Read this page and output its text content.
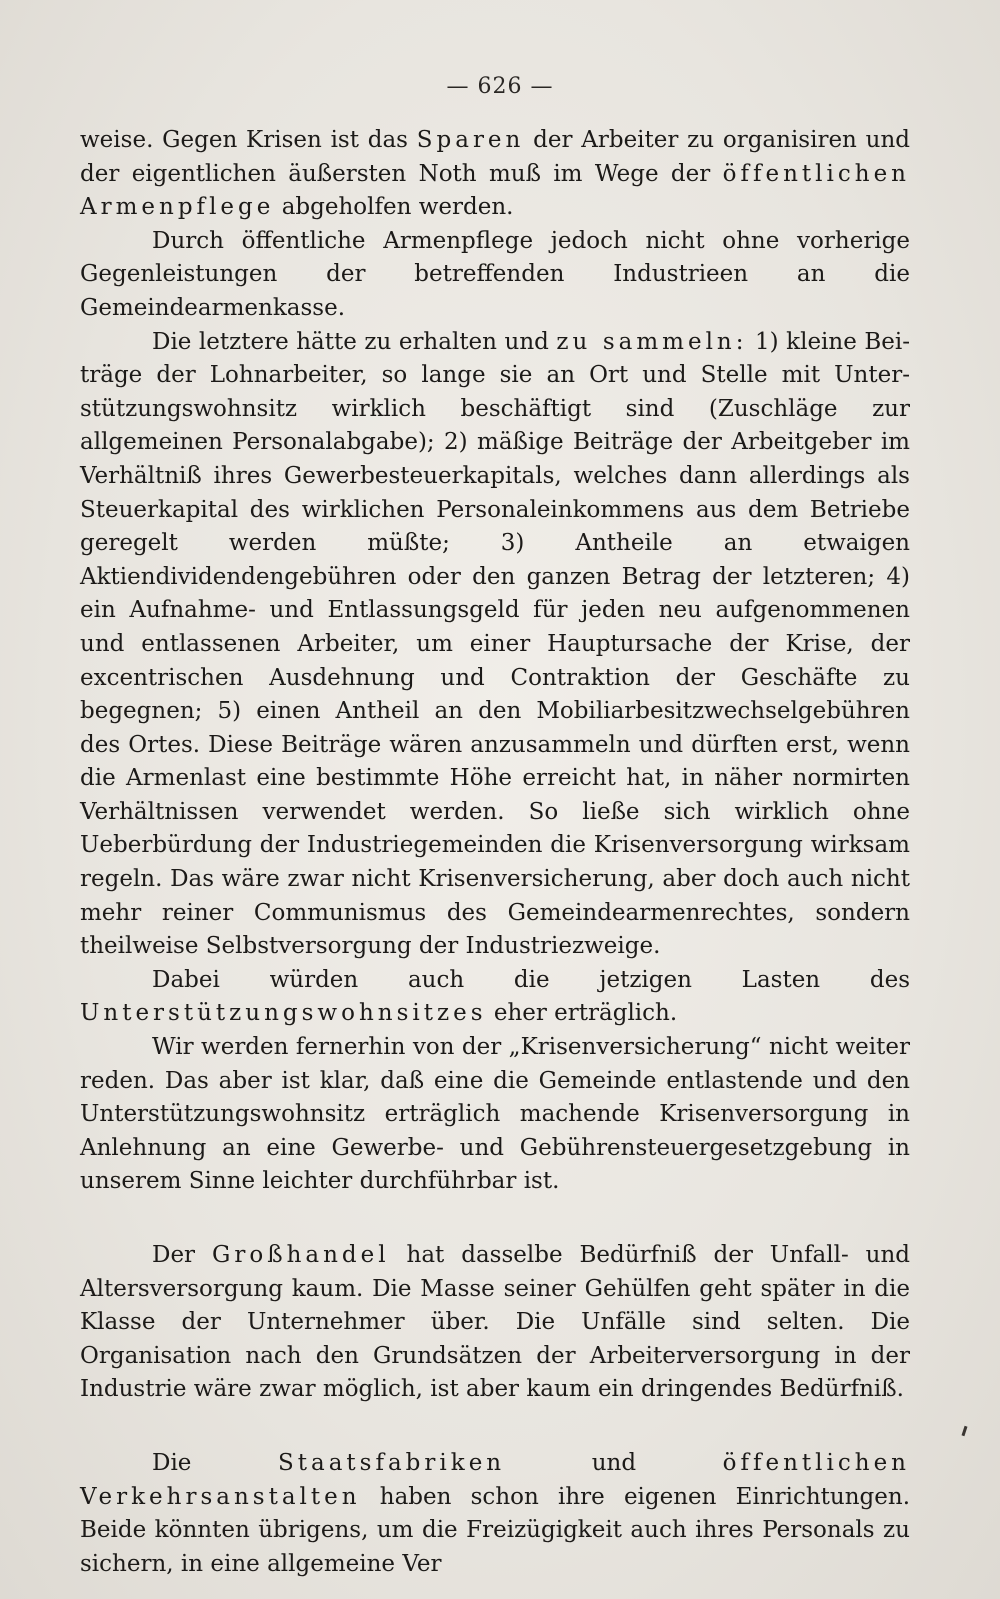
— 626 —

weise. Gegen Krisen ist das Sparen der Arbeiter zu organisiren und der eigentlichen äußersten Noth muß im Wege der öffentlichen Armenpflege abgeholfen werden.

Durch öffentliche Armenpflege jedoch nicht ohne vorherige Gegenleistungen der betreffenden Industrieen an die Gemeindearmenkasse.

Die letztere hätte zu erhalten und zu sammeln: 1) kleine Beiträge der Lohnarbeiter, so lange sie an Ort und Stelle mit Unterstützungswohnsitz wirklich beschäftigt sind (Zuschläge zur allgemeinen Personalabgabe); 2) mäßige Beiträge der Arbeitgeber im Verhältniß ihres Gewerbesteuerkapitals, welches dann allerdings als Steuerkapital des wirklichen Personaleinkommens aus dem Betriebe geregelt werden müßte; 3) Antheile an etwaigen Aktiendividendengebühren oder den ganzen Betrag der letzteren; 4) ein Aufnahme- und Entlassungsgeld für jeden neu aufgenommenen und entlassenen Arbeiter, um einer Hauptursache der Krise, der excentrischen Ausdehnung und Contraktion der Geschäfte zu begegnen; 5) einen Antheil an den Mobiliarbesitzwechselgebühren des Ortes. Diese Beiträge wären anzusammeln und dürften erst, wenn die Armenlast eine bestimmte Höhe erreicht hat, in näher normirten Verhältnissen verwendet werden. So ließe sich wirklich ohne Ueberbürdung der Industriegemeinden die Krisenversorgung wirksam regeln. Das wäre zwar nicht Krisenversicherung, aber doch auch nicht mehr reiner Communismus des Gemeindearmenrechtes, sondern theilweise Selbstversorgung der Industriezweige.

Dabei würden auch die jetzigen Lasten des Unterstützungswohnsitzes eher erträglich.

Wir werden fernerhin von der „Krisenversicherung“ nicht weiter reden. Das aber ist klar, daß eine die Gemeinde entlastende und den Unterstützungswohnsitz erträglich machende Krisenversorgung in Anlehnung an eine Gewerbe- und Gebührensteuergesetzgebung in unserem Sinne leichter durchführbar ist.

Der Großhandel hat dasselbe Bedürfniß der Unfall- und Altersversorgung kaum. Die Masse seiner Gehülfen geht später in die Klasse der Unternehmer über. Die Unfälle sind selten. Die Organisation nach den Grundsätzen der Arbeiterversorgung in der Industrie wäre zwar möglich, ist aber kaum ein dringendes Bedürfniß.

Die Staatsfabriken und öffentlichen Verkehrsanstalten haben schon ihre eigenen Einrichtungen. Beide könnten übrigens, um die Freizügigkeit auch ihres Personals zu sichern, in eine allgemeine Ver
